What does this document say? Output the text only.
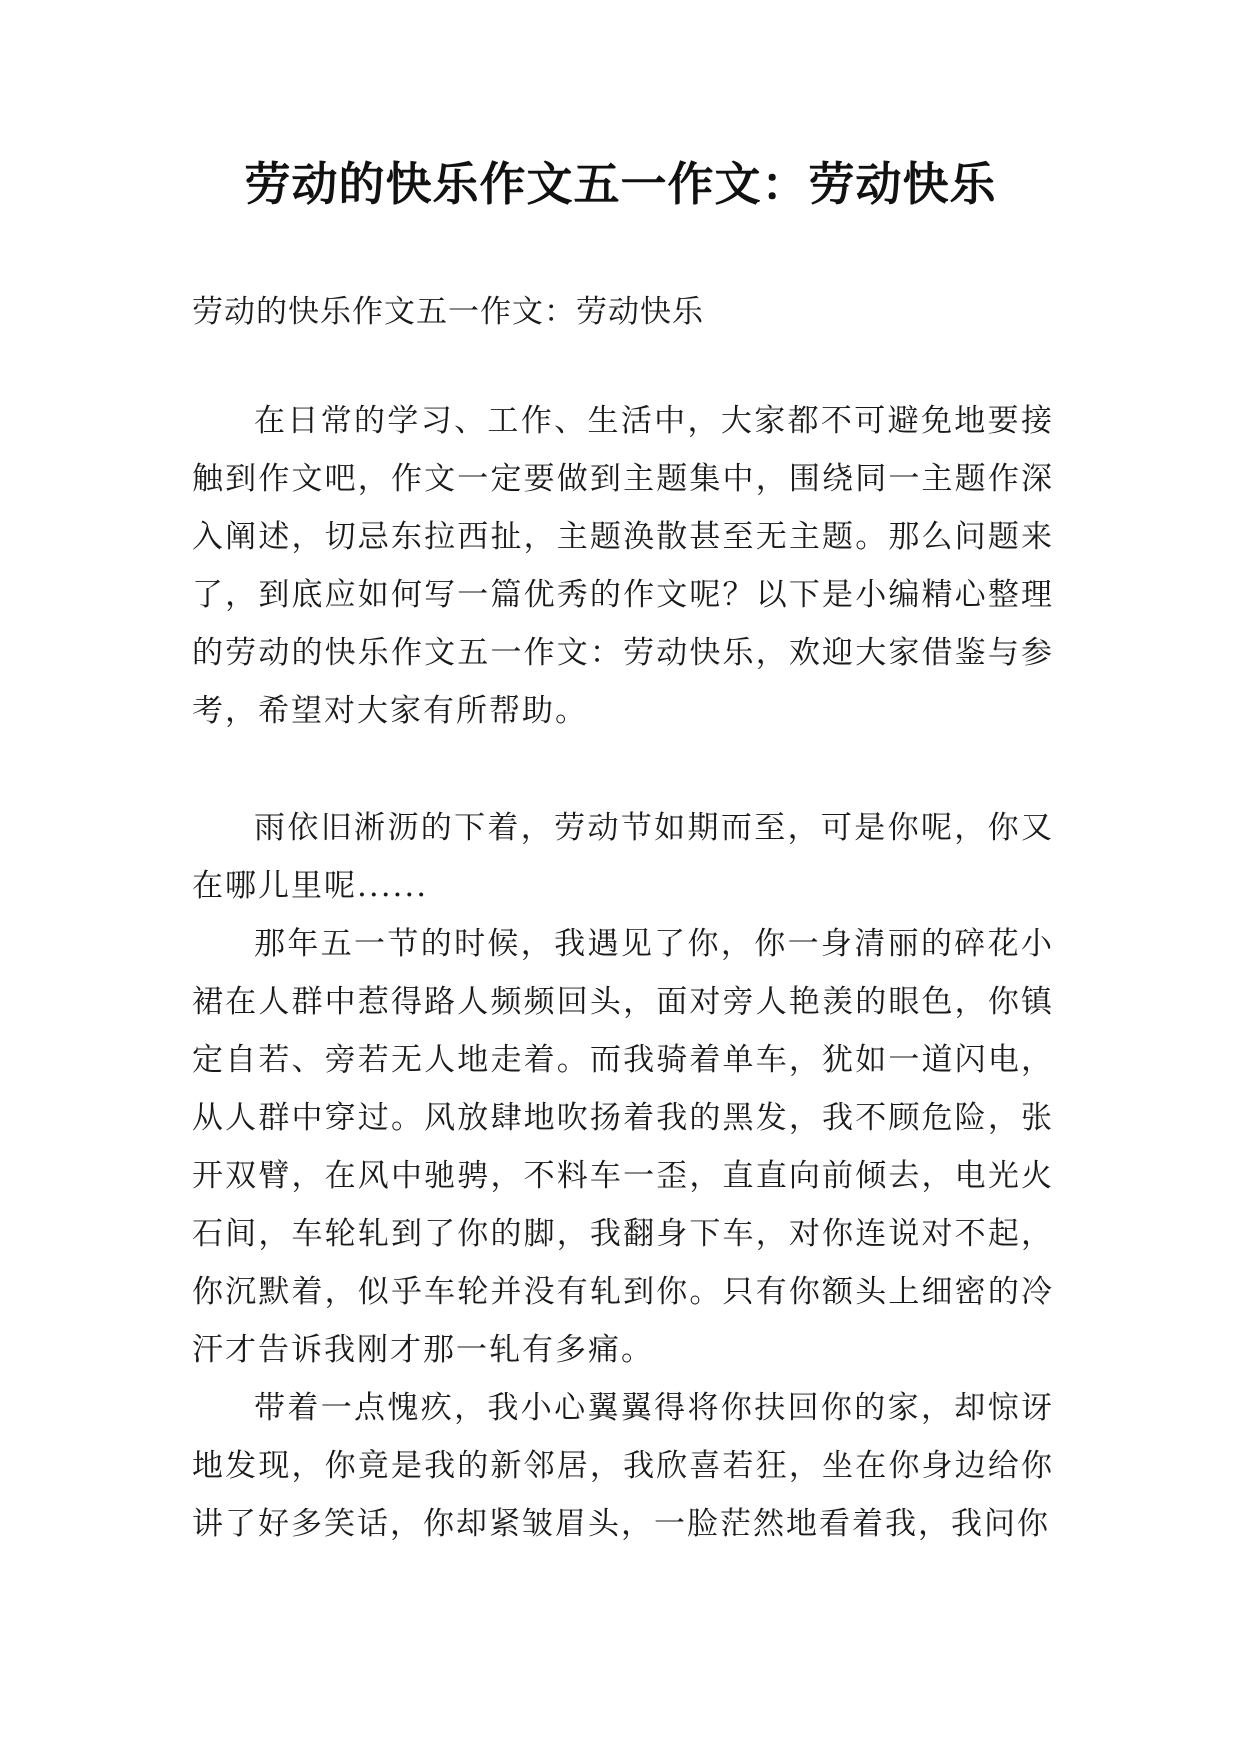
劳动的快乐作文五一作文：劳动快乐

劳动的快乐作文五一作文：劳动快乐

在日常的学习、工作、生活中，大家都不可避免地要接触到作文吧，作文一定要做到主题集中，围绕同一主题作深入阐述，切忌东拉西扯，主题涣散甚至无主题。那么问题来了，到底应如何写一篇优秀的作文呢？以下是小编精心整理的劳动的快乐作文五一作文：劳动快乐，欢迎大家借鉴与参考，希望对大家有所帮助。

雨依旧淅沥的下着，劳动节如期而至，可是你呢，你又在哪儿里呢......

那年五一节的时候，我遇见了你，你一身清丽的碎花小裙在人群中惹得路人频频回头，面对旁人艳羡的眼色，你镇定自若、旁若无人地走着。而我骑着单车，犹如一道闪电，从人群中穿过。风放肆地吹扬着我的黑发，我不顾危险，张开双臂，在风中驰骋，不料车一歪，直直向前倾去，电光火石间，车轮轧到了你的脚，我翻身下车，对你连说对不起，你沉默着，似乎车轮并没有轧到你。只有你额头上细密的冷汗才告诉我刚才那一轧有多痛。

带着一点愧疚，我小心翼翼得将你扶回你的家，却惊讶地发现，你竟是我的新邻居，我欣喜若狂，坐在你身边给你讲了好多笑话，你却紧皱眉头，一脸茫然地看着我，我问你
